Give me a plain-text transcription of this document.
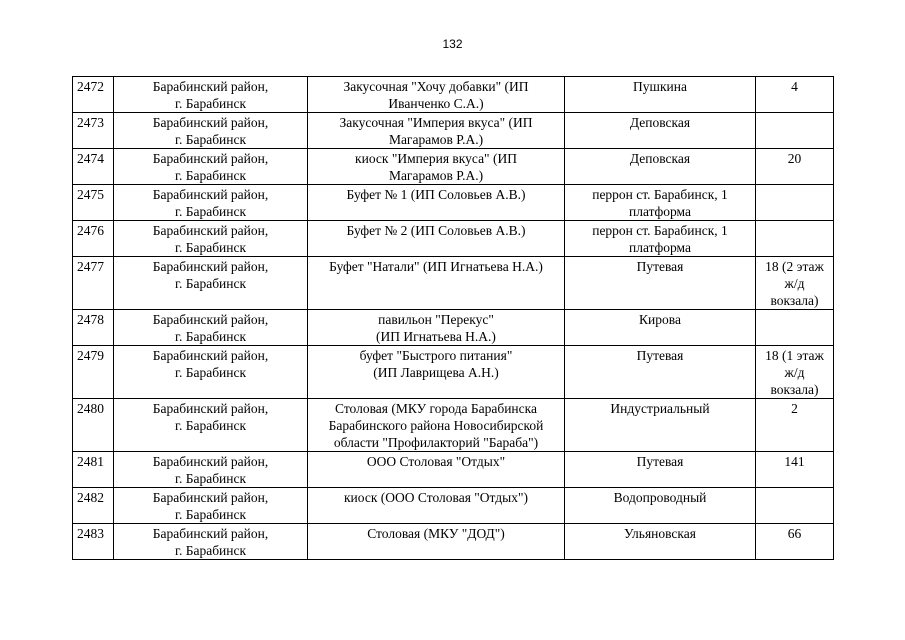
132
2472	Барабинский район,
г. Барабинск	Закусочная "Хочу добавки" (ИП
Иванченко С.А.)	Пушкина	4
2473	Барабинский район,
г. Барабинск	Закусочная "Империя вкуса" (ИП
Магарамов Р.А.)	Деповская	
2474	Барабинский район,
г. Барабинск	киоск "Империя вкуса" (ИП
Магарамов Р.А.)	Деповская	20
2475	Барабинский район,
г. Барабинск	Буфет № 1 (ИП Соловьев А.В.)	перрон ст. Барабинск, 1
платформа	
2476	Барабинский район,
г. Барабинск	Буфет № 2 (ИП Соловьев А.В.)	перрон ст. Барабинск, 1
платформа	
2477	Барабинский район,
г. Барабинск	Буфет "Натали" (ИП Игнатьева Н.А.)	Путевая	18 (2 этаж
ж/д
вокзала)
2478	Барабинский район,
г. Барабинск	павильон "Перекус"
(ИП Игнатьева Н.А.)	Кирова	
2479	Барабинский район,
г. Барабинск	буфет "Быстрого питания"
(ИП Лаврищева А.Н.)	Путевая	18 (1 этаж
ж/д
вокзала)
2480	Барабинский район,
г. Барабинск	Столовая (МКУ города Барабинска
Барабинского района Новосибирской
области "Профилакторий "Бараба")	Индустриальный	2
2481	Барабинский район,
г. Барабинск	ООО Столовая "Отдых"	Путевая	141
2482	Барабинский район,
г. Барабинск	киоск (ООО Столовая "Отдых")	Водопроводный	
2483	Барабинский район,
г. Барабинск	Столовая (МКУ "ДОД")	Ульяновская	66
